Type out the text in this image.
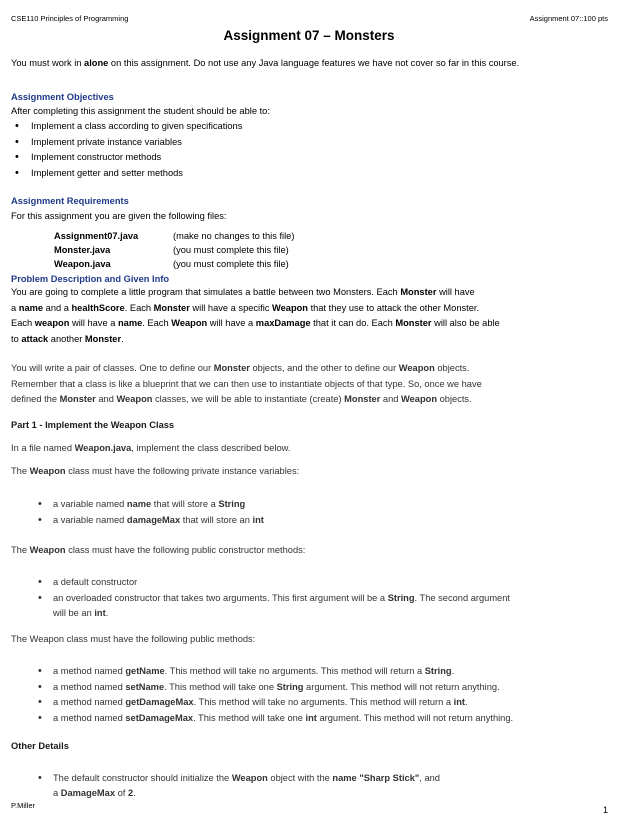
CSE110 Principles of Programming	Assignment 07::100 pts
Assignment 07 – Monsters
You must work in alone on this assignment. Do not use any Java language features we have not cover so far in this course.
Assignment Objectives
After completing this assignment the student should be able to:
• Implement a class according to given specifications
• Implement private instance variables
• Implement constructor methods
• Implement getter and setter methods
Assignment Requirements
For this assignment you are given the following files:
Assignment07.java	(make no changes to this file)
Monster.java	(you must complete this file)
Weapon.java	(you must complete this file)
Problem Description and Given Info
You are going to complete a little program that simulates a battle between two Monsters. Each Monster will have
a name and a healthScore. Each Monster will have a specific Weapon that they use to attack the other Monster.
Each weapon will have a name. Each Weapon will have a maxDamage that it can do. Each Monster will also be able
to attack another Monster.
You will write a pair of classes. One to define our Monster objects, and the other to define our Weapon objects.
Remember that a class is like a blueprint that we can then use to instantiate objects of that type. So, once we have
defined the Monster and Weapon classes, we will be able to instantiate (create) Monster and Weapon objects.
Part 1 - Implement the Weapon Class
In a file named Weapon.java, implement the class described below.
The Weapon class must have the following private instance variables:
• a variable named name that will store a String
• a variable named damageMax that will store an int
The Weapon class must have the following public constructor methods:
• a default constructor
• an overloaded constructor that takes two arguments. This first argument will be a String. The second argument
will be an int.
The Weapon class must have the following public methods:
• a method named getName. This method will take no arguments. This method will return a String.
• a method named setName. This method will take one String argument. This method will not return anything.
• a method named getDamageMax. This method will take no arguments. This method will return a int.
• a method named setDamageMax. This method will take one int argument. This method will not return anything.
Other Details
• The default constructor should initialize the Weapon object with the name "Sharp Stick", and
a DamageMax of 2.
P.Miller	1
